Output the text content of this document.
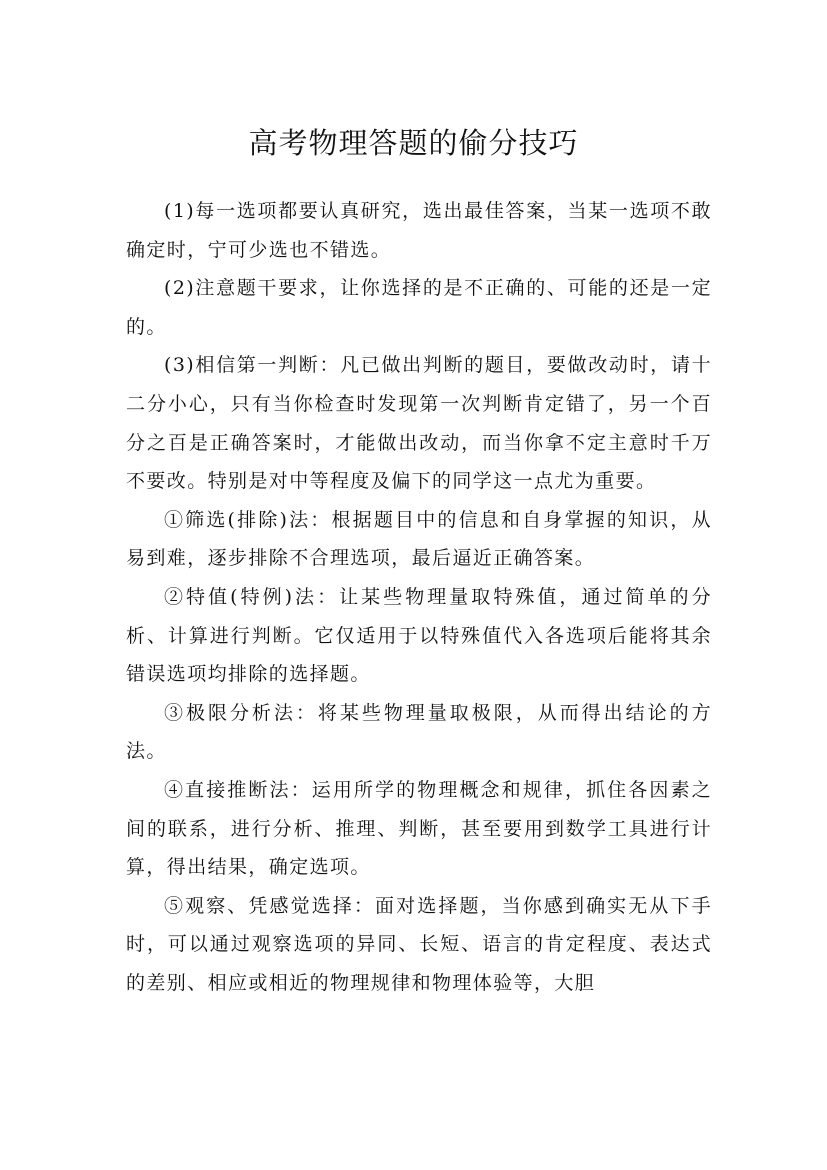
高考物理答题的偷分技巧

(1)每一选项都要认真研究，选出最佳答案，当某一选项不敢确定时，宁可少选也不错选。

(2)注意题干要求，让你选择的是不正确的、可能的还是一定的。

(3)相信第一判断：凡已做出判断的题目，要做改动时，请十二分小心，只有当你检查时发现第一次判断肯定错了，另一个百分之百是正确答案时，才能做出改动，而当你拿不定主意时千万不要改。特别是对中等程度及偏下的同学这一点尤为重要。

①筛选(排除)法：根据题目中的信息和自身掌握的知识，从易到难，逐步排除不合理选项，最后逼近正确答案。

②特值(特例)法：让某些物理量取特殊值，通过简单的分析、计算进行判断。它仅适用于以特殊值代入各选项后能将其余错误选项均排除的选择题。

③极限分析法：将某些物理量取极限，从而得出结论的方法。

④直接推断法：运用所学的物理概念和规律，抓住各因素之间的联系，进行分析、推理、判断，甚至要用到数学工具进行计算，得出结果，确定选项。

⑤观察、凭感觉选择：面对选择题，当你感到确实无从下手时，可以通过观察选项的异同、长短、语言的肯定程度、表达式的差别、相应或相近的物理规律和物理体验等，大胆
